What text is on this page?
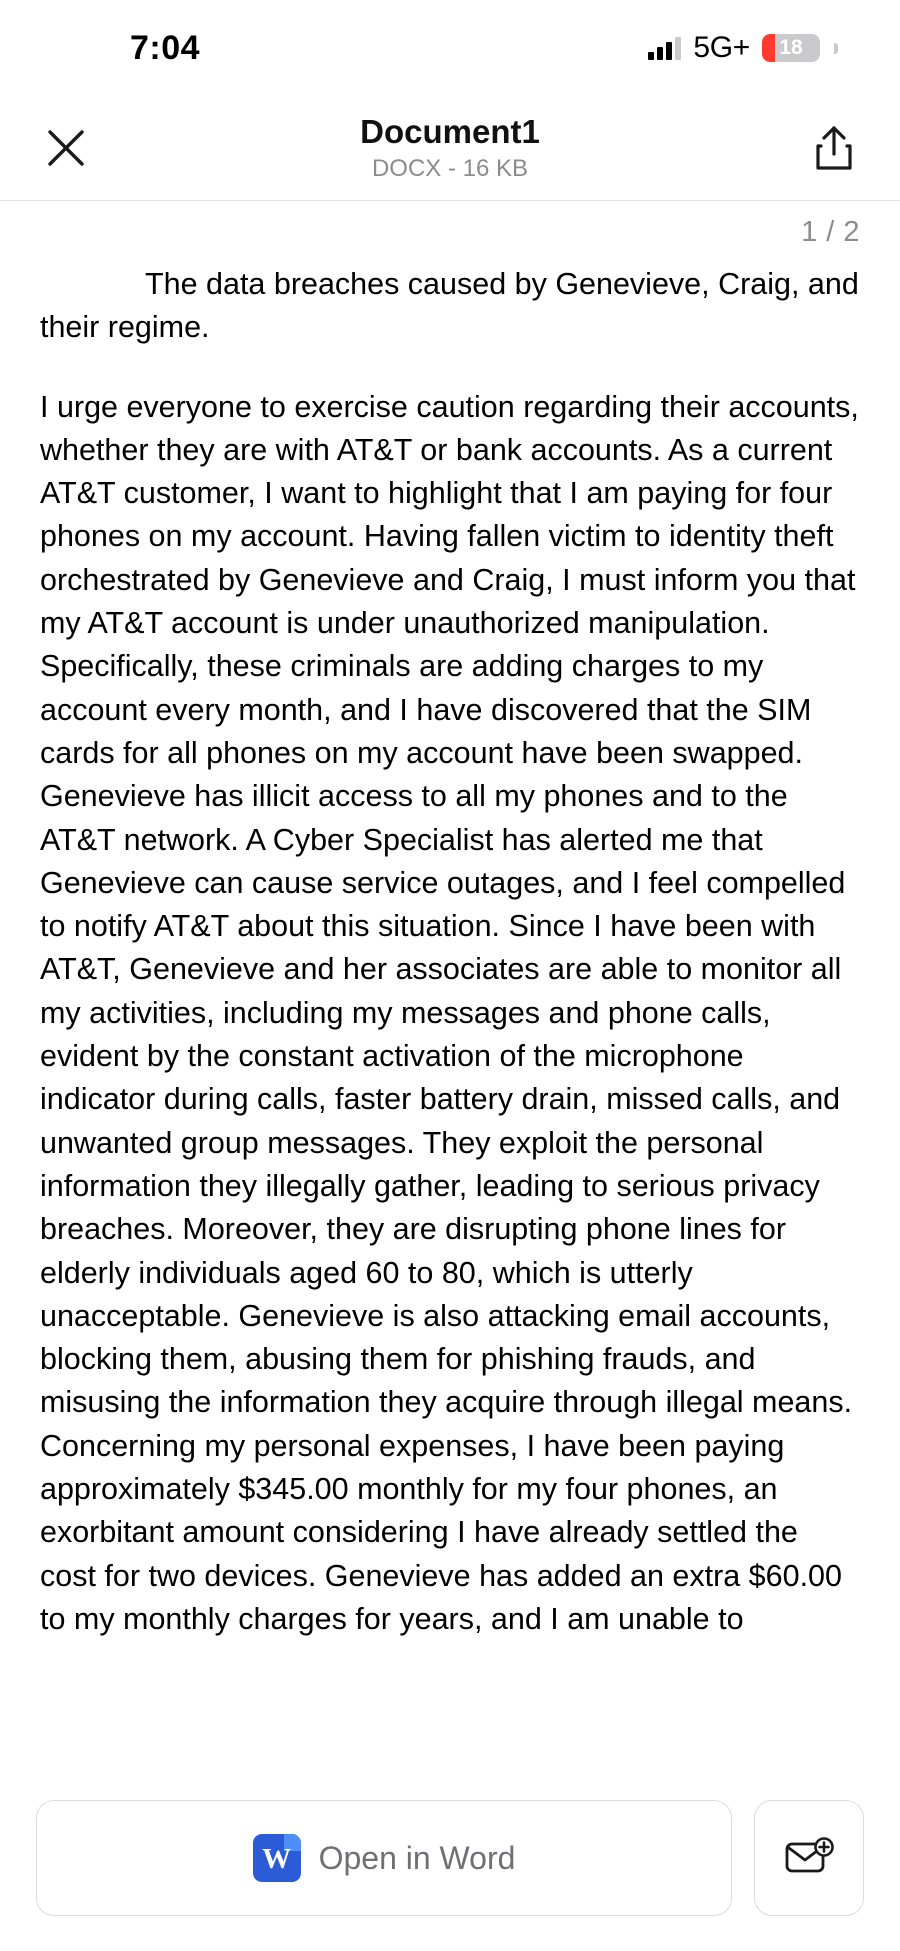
7:04	5G+	18
Document1
DOCX - 16 KB
1 / 2
The data breaches caused by Genevieve, Craig, and their regime.
I urge everyone to exercise caution regarding their accounts, whether they are with AT&T or bank accounts. As a current AT&T customer, I want to highlight that I am paying for four phones on my account. Having fallen victim to identity theft orchestrated by Genevieve and Craig, I must inform you that my AT&T account is under unauthorized manipulation. Specifically, these criminals are adding charges to my account every month, and I have discovered that the SIM cards for all phones on my account have been swapped. Genevieve has illicit access to all my phones and to the AT&T network. A Cyber Specialist has alerted me that Genevieve can cause service outages, and I feel compelled to notify AT&T about this situation. Since I have been with AT&T, Genevieve and her associates are able to monitor all my activities, including my messages and phone calls, evident by the constant activation of the microphone indicator during calls, faster battery drain, missed calls, and unwanted group messages. They exploit the personal information they illegally gather, leading to serious privacy breaches. Moreover, they are disrupting phone lines for elderly individuals aged 60 to 80, which is utterly unacceptable. Genevieve is also attacking email accounts, blocking them, abusing them for phishing frauds, and misusing the information they acquire through illegal means. Concerning my personal expenses, I have been paying approximately $345.00 monthly for my four phones, an exorbitant amount considering I have already settled the cost for two devices. Genevieve has added an extra $60.00 to my monthly charges for years, and I am unable to
W Open in Word
